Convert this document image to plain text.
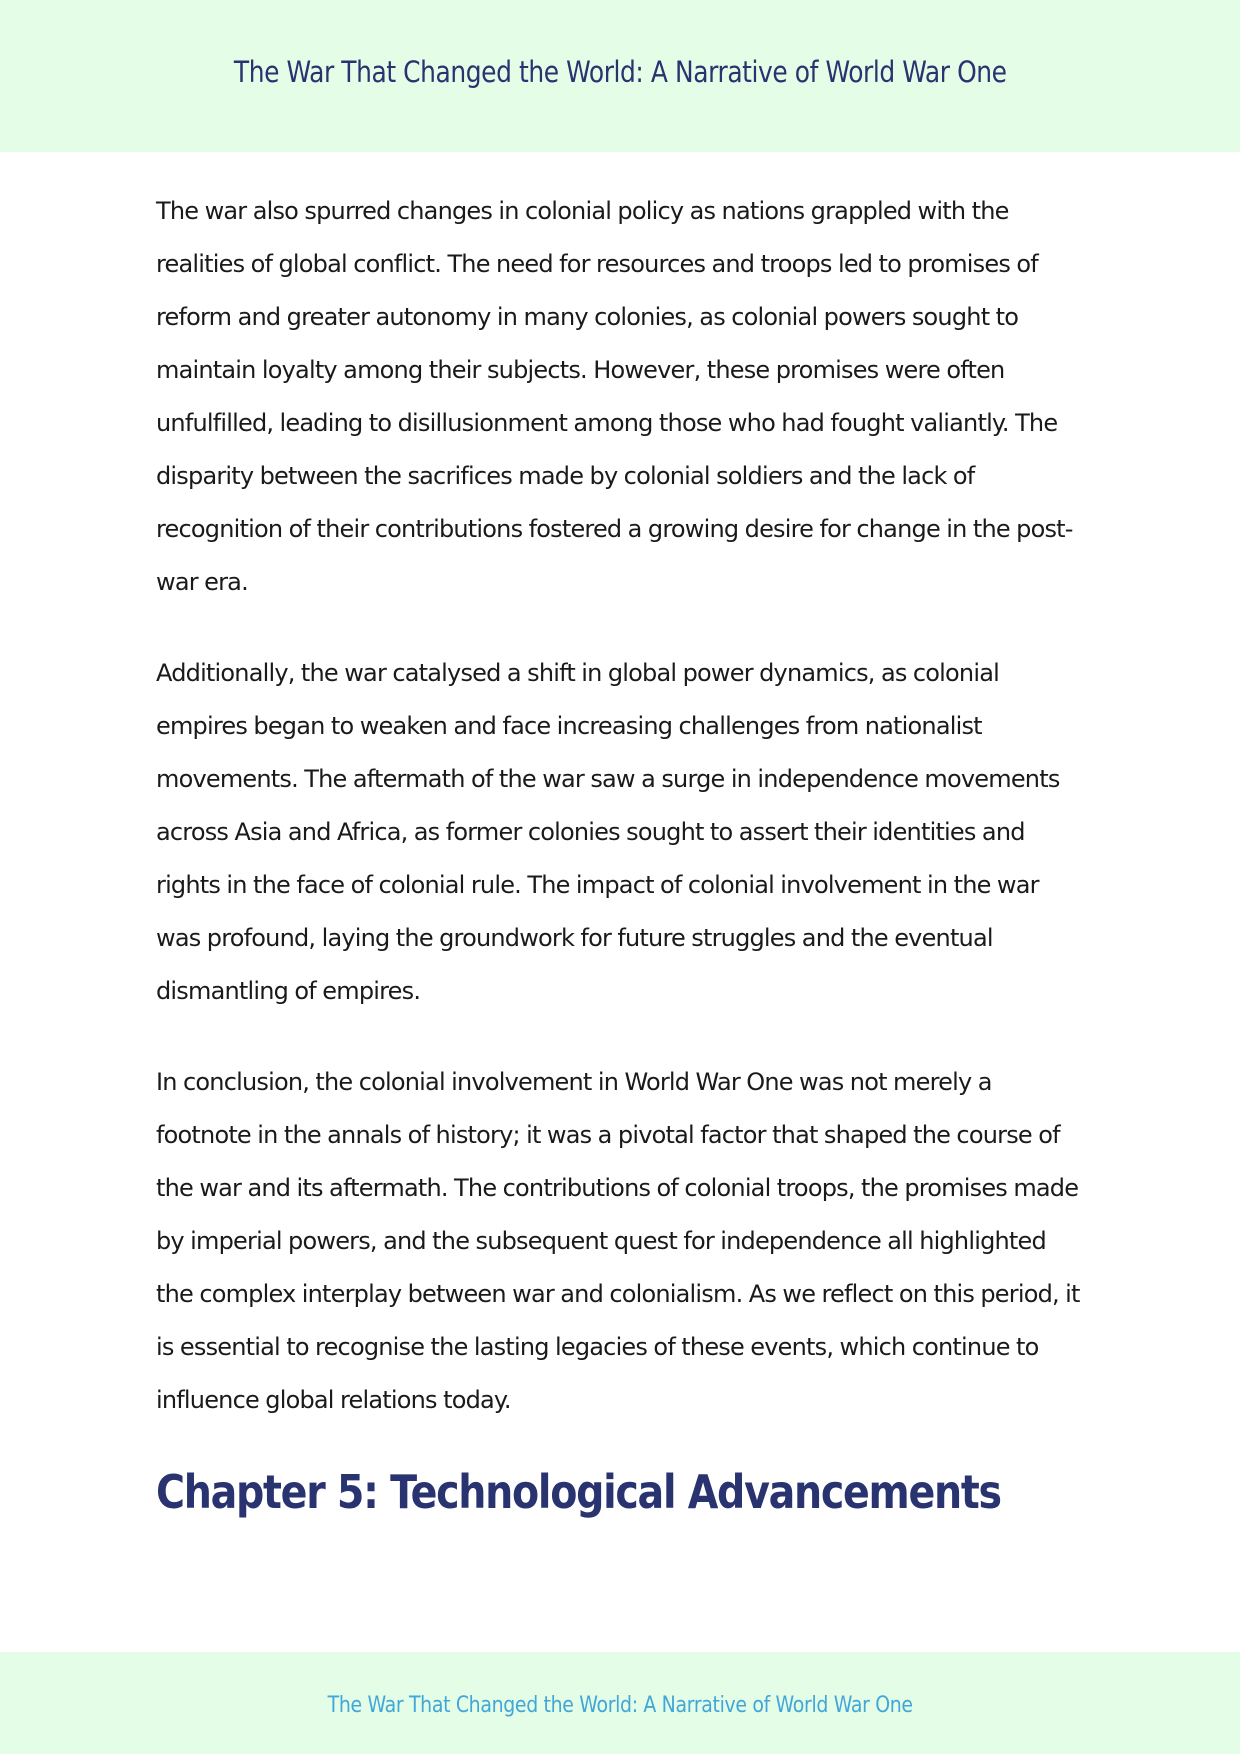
The War That Changed the World: A Narrative of World War One

The war also spurred changes in colonial policy as nations grappled with the realities of global conflict. The need for resources and troops led to promises of reform and greater autonomy in many colonies, as colonial powers sought to maintain loyalty among their subjects. However, these promises were often unfulfilled, leading to disillusionment among those who had fought valiantly. The disparity between the sacrifices made by colonial soldiers and the lack of recognition of their contributions fostered a growing desire for change in the post-war era.

Additionally, the war catalysed a shift in global power dynamics, as colonial empires began to weaken and face increasing challenges from nationalist movements. The aftermath of the war saw a surge in independence movements across Asia and Africa, as former colonies sought to assert their identities and rights in the face of colonial rule. The impact of colonial involvement in the war was profound, laying the groundwork for future struggles and the eventual dismantling of empires.

In conclusion, the colonial involvement in World War One was not merely a footnote in the annals of history; it was a pivotal factor that shaped the course of the war and its aftermath. The contributions of colonial troops, the promises made by imperial powers, and the subsequent quest for independence all highlighted the complex interplay between war and colonialism. As we reflect on this period, it is essential to recognise the lasting legacies of these events, which continue to influence global relations today.

Chapter 5: Technological Advancements
The War That Changed the World: A Narrative of World War One
